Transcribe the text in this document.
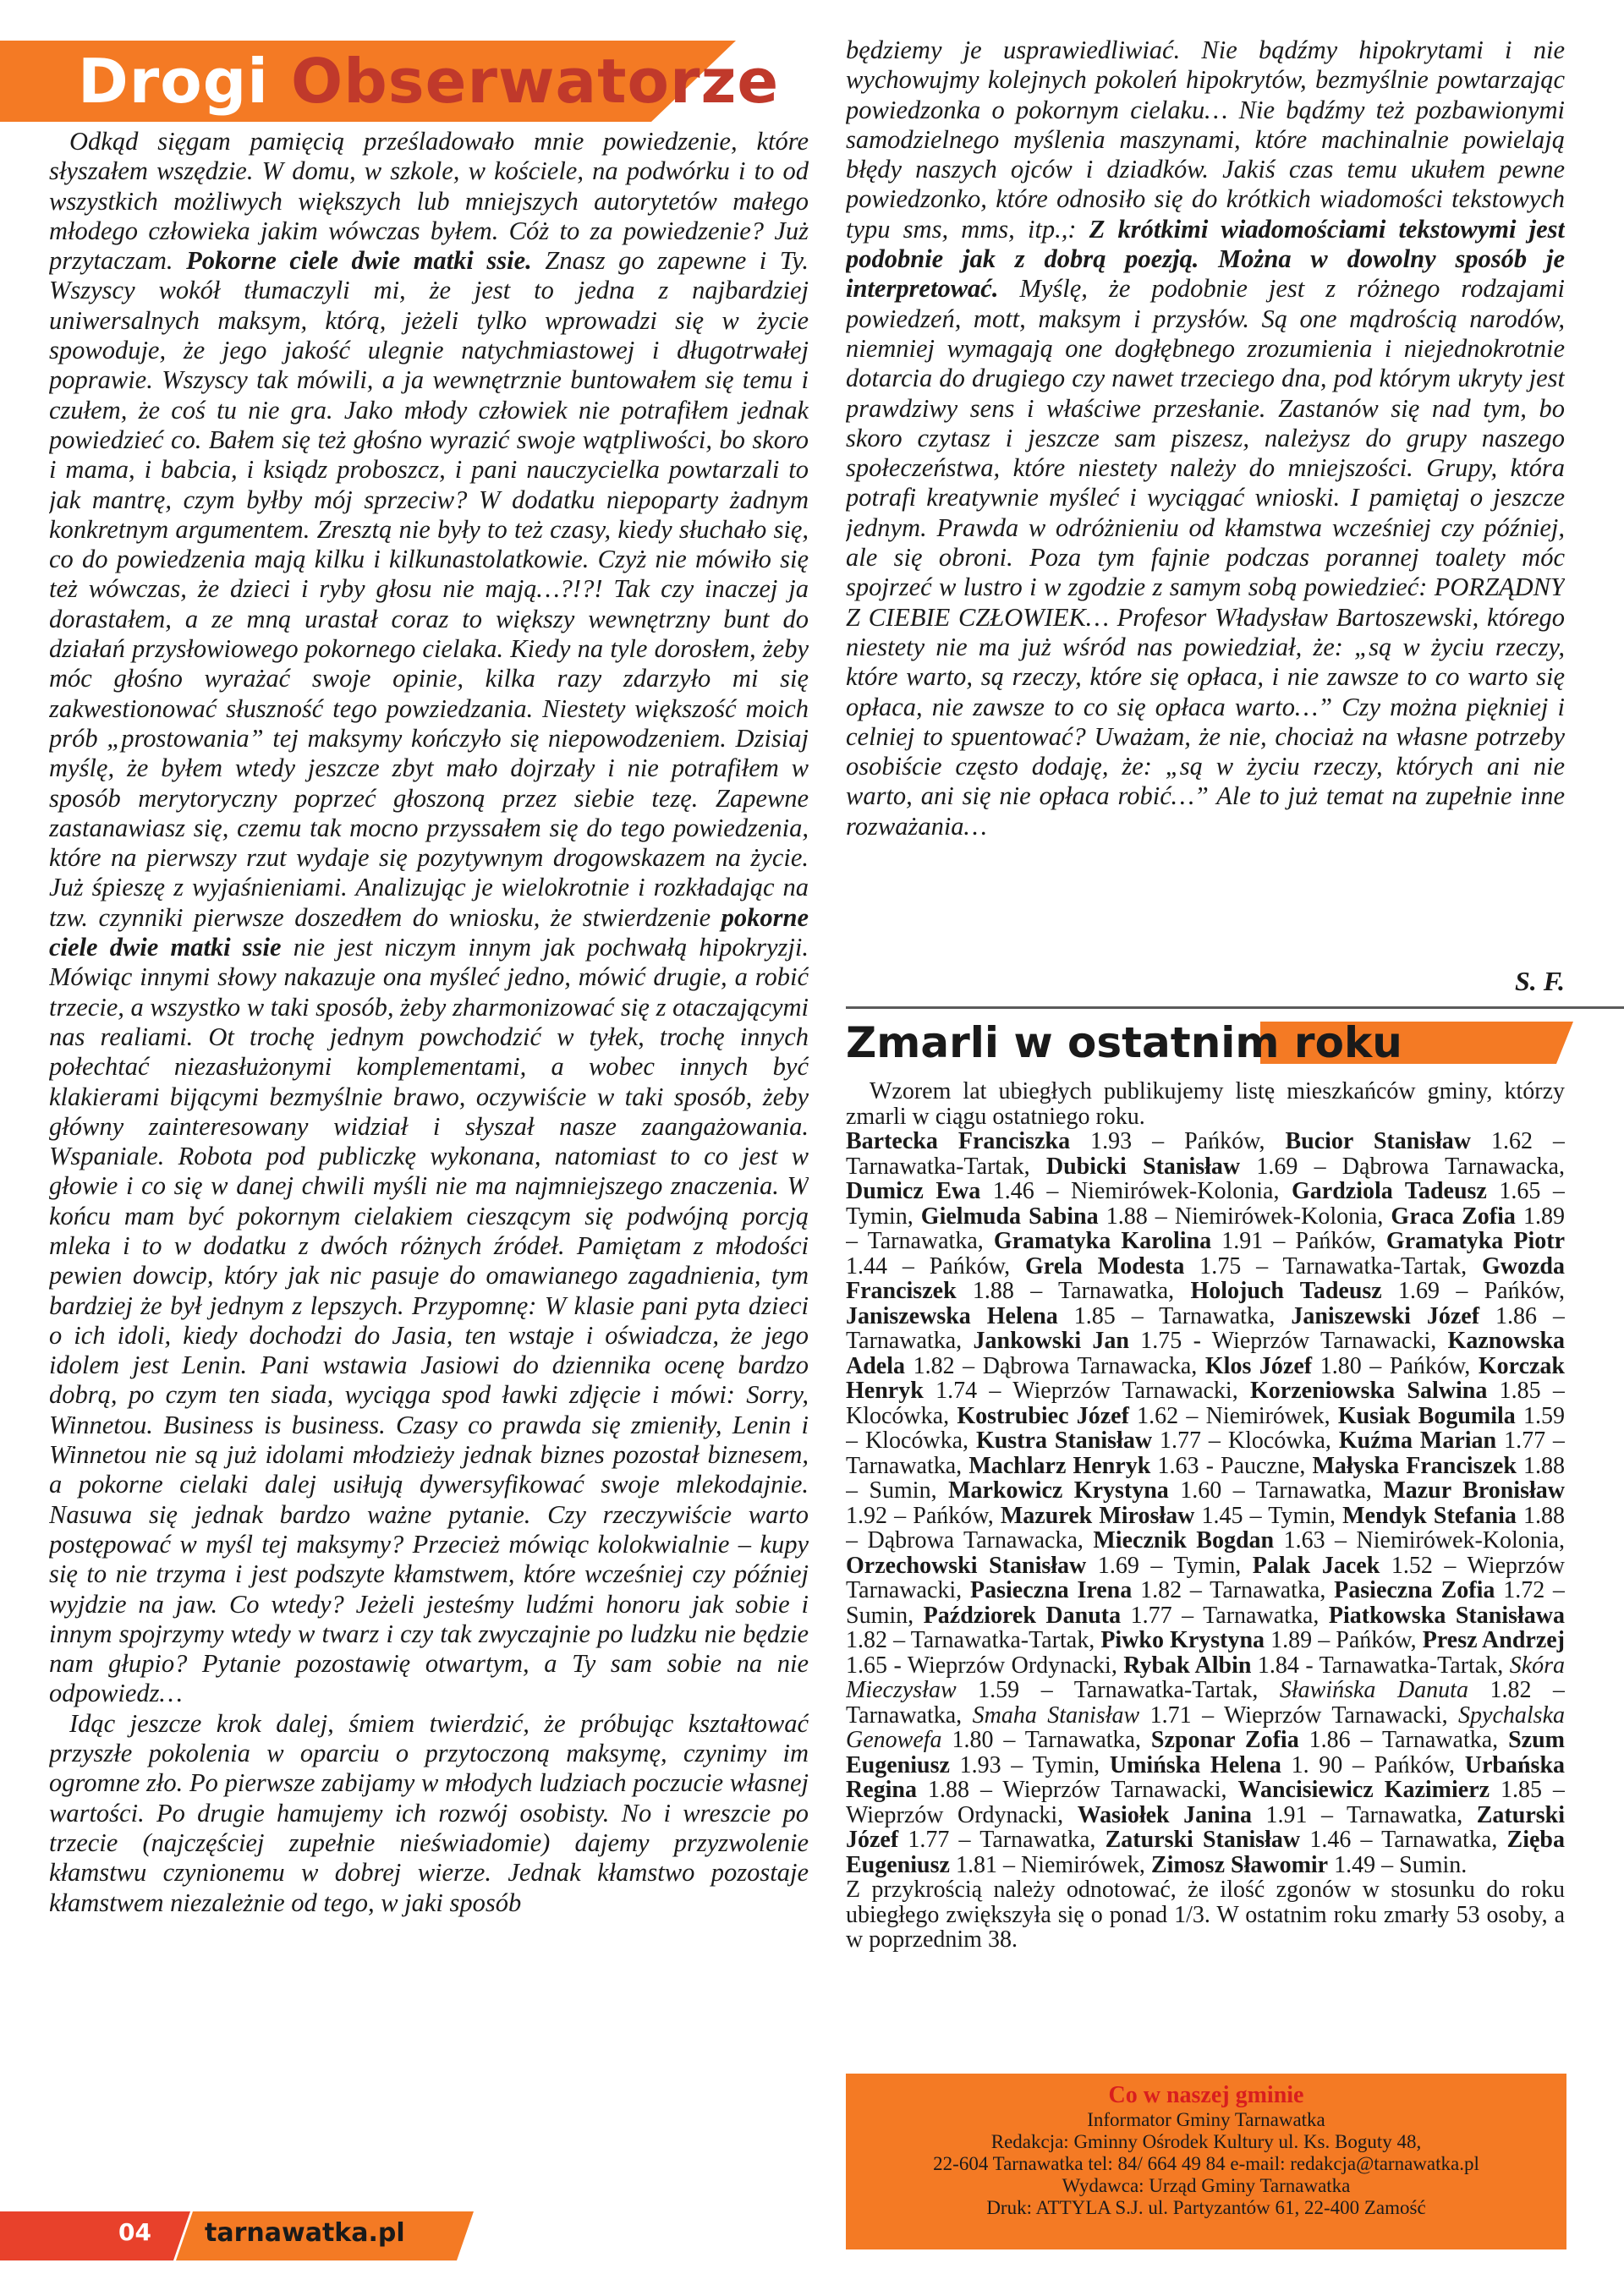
Drogi Obserwatorze

Odkąd sięgam pamięcią prześladowało mnie powiedzenie, które słyszałem wszędzie. W domu, w szkole, w kościele, na podwórku i to od wszystkich możliwych większych lub mniejszych autorytetów małego młodego człowieka jakim wówczas byłem. Cóż to za powiedzenie? Już przytaczam. Pokorne ciele dwie matki ssie. Znasz go zapewne i Ty. Wszyscy wokół tłumaczyli mi, że jest to jedna z najbardziej uniwersalnych maksym, którą, jeżeli tylko wprowadzi się w życie spowoduje, że jego jakość ulegnie natychmiastowej i długotrwałej poprawie. Wszyscy tak mówili, a ja wewnętrznie buntowałem się temu i czułem, że coś tu nie gra. Jako młody człowiek nie potrafiłem jednak powiedzieć co. Bałem się też głośno wyrazić swoje wątpliwości, bo skoro i mama, i babcia, i ksiądz proboszcz, i pani nauczycielka powtarzali to jak mantrę, czym byłby mój sprzeciw? W dodatku niepoparty żadnym konkretnym argumentem. Zresztą nie były to też czasy, kiedy słuchało się, co do powiedzenia mają kilku i kilkunastolatkowie. Czyż nie mówiło się też wówczas, że dzieci i ryby głosu nie mają…?!?! Tak czy inaczej ja dorastałem, a ze mną urastał coraz to większy wewnętrzny bunt do działań przysłowiowego pokornego cielaka. Kiedy na tyle dorosłem, żeby móc głośno wyrażać swoje opinie, kilka razy zdarzyło mi się zakwestionować słuszność tego powziedzania. Niestety większość moich prób „prostowania” tej maksymy kończyło się niepowodzeniem. Dzisiaj myślę, że byłem wtedy jeszcze zbyt mało dojrzały i nie potrafiłem w sposób merytoryczny poprzeć głoszoną przez siebie tezę. Zapewne zastanawiasz się, czemu tak mocno przyssałem się do tego powiedzenia, które na pierwszy rzut wydaje się pozytywnym drogowskazem na życie. Już śpieszę z wyjaśnieniami. Analizując je wielokrotnie i rozkładając na tzw. czynniki pierwsze doszedłem do wniosku, że stwierdzenie pokorne ciele dwie matki ssie nie jest niczym innym jak pochwałą hipokryzji. Mówiąc innymi słowy nakazuje ona myśleć jedno, mówić drugie, a robić trzecie, a wszystko w taki sposób, żeby zharmonizować się z otaczającymi nas realiami. Ot trochę jednym powchodzić w tyłek, trochę innych połechtać niezasłużonymi komplementami, a wobec innych być klakierami bijącymi bezmyślnie brawo, oczywiście w taki sposób, żeby główny zainteresowany widział i słyszał nasze zaangażowania. Wspaniale. Robota pod publiczkę wykonana, natomiast to co jest w głowie i co się w danej chwili myśli nie ma najmniejszego znaczenia. W końcu mam być pokornym cielakiem cieszącym się podwójną porcją mleka i to w dodatku z dwóch różnych źródeł. Pamiętam z młodości pewien dowcip, który jak nic pasuje do omawianego zagadnienia, tym bardziej że był jednym z lepszych. Przypomnę: W klasie pani pyta dzieci o ich idoli, kiedy dochodzi do Jasia, ten wstaje i oświadcza, że jego idolem jest Lenin. Pani wstawia Jasiowi do dziennika ocenę bardzo dobrą, po czym ten siada, wyciąga spod ławki zdjęcie i mówi: Sorry, Winnetou. Business is business. Czasy co prawda się zmieniły, Lenin i Winnetou nie są już idolami młodzieży jednak biznes pozostał biznesem, a pokorne cielaki dalej usiłują dywersyfikować swoje mlekodajnie. Nasuwa się jednak bardzo ważne pytanie. Czy rzeczywiście warto postępować w myśl tej maksymy? Przecież mówiąc kolokwialnie – kupy się to nie trzyma i jest podszyte kłamstwem, które wcześniej czy później wyjdzie na jaw. Co wtedy? Jeżeli jesteśmy ludźmi honoru jak sobie i innym spojrzymy wtedy w twarz i czy tak zwyczajnie po ludzku nie będzie nam głupio? Pytanie pozostawię otwartym, a Ty sam sobie na nie odpowiedz…

Idąc jeszcze krok dalej, śmiem twierdzić, że próbując kształtować przyszłe pokolenia w oparciu o przytoczoną maksymę, czynimy im ogromne zło. Po pierwsze zabijamy w młodych ludziach poczucie własnej wartości. Po drugie hamujemy ich rozwój osobisty. No i wreszcie po trzecie (najczęściej zupełnie nieświadomie) dajemy przyzwolenie kłamstwu czynionemu w dobrej wierze. Jednak kłamstwo pozostaje kłamstwem niezależnie od tego, w jaki sposób

będziemy je usprawiedliwiać. Nie bądźmy hipokrytami i nie wychowujmy kolejnych pokoleń hipokrytów, bezmyślnie powtarzając powiedzonka o pokornym cielaku… Nie bądźmy też pozbawionymi samodzielnego myślenia maszynami, które machinalnie powielają błędy naszych ojców i dziadków. Jakiś czas temu ukułem pewne powiedzonko, które odnosiło się do krótkich wiadomości tekstowych typu sms, mms, itp.,: Z krótkimi wiadomościami tekstowymi jest podobnie jak z dobrą poezją. Można w dowolny sposób je interpretować. Myślę, że podobnie jest z różnego rodzajami powiedzeń, mott, maksym i przysłów. Są one mądrością narodów, niemniej wymagają one dogłębnego zrozumienia i niejednokrotnie dotarcia do drugiego czy nawet trzeciego dna, pod którym ukryty jest prawdziwy sens i właściwe przesłanie. Zastanów się nad tym, bo skoro czytasz i jeszcze sam piszesz, należysz do grupy naszego społeczeństwa, które niestety należy do mniejszości. Grupy, która potrafi kreatywnie myśleć i wyciągać wnioski. I pamiętaj o jeszcze jednym. Prawda w odróżnieniu od kłamstwa wcześniej czy później, ale się obroni. Poza tym fajnie podczas porannej toalety móc spojrzeć w lustro i w zgodzie z samym sobą powiedzieć: PORZĄDNY Z CIEBIE CZŁOWIEK… Profesor Władysław Bartoszewski, którego niestety nie ma już wśród nas powiedział, że: „są w życiu rzeczy, które warto, są rzeczy, które się opłaca, i nie zawsze to co warto się opłaca, nie zawsze to co się opłaca warto…” Czy można piękniej i celniej to spuentować? Uważam, że nie, chociaż na własne potrzeby osobiście często dodaję, że: „są w życiu rzeczy, których ani nie warto, ani się nie opłaca robić…” Ale to już temat na zupełnie inne rozważania…
S. F.
Zmarli w ostatnim roku
Wzorem lat ubiegłych publikujemy listę mieszkańców gminy, którzy zmarli w ciągu ostatniego roku.
Bartecka Franciszka 1.93 – Pańków, Bucior Stanisław 1.62 – Tarnawatka-Tartak, Dubicki Stanisław 1.69 – Dąbrowa Tarnawacka, Dumicz Ewa 1.46 – Niemirówek-Kolonia, Gardziola Tadeusz 1.65 – Tymin, Gielmuda Sabina 1.88 – Niemirówek-Kolonia, Graca Zofia 1.89 – Tarnawatka, Gramatyka Karolina 1.91 – Pańków, Gramatyka Piotr 1.44 – Pańków, Grela Modesta 1.75 – Tarnawatka-Tartak, Gwozda Franciszek 1.88 – Tarnawatka, Holojuch Tadeusz 1.69 – Pańków, Janiszewska Helena 1.85 – Tarnawatka, Janiszewski Józef 1.86 – Tarnawatka, Jankowski Jan 1.75 - Wieprzów Tarnawacki, Kaznowska Adela 1.82 – Dąbrowa Tarnawacka, Klos Józef 1.80 – Pańków, Korczak Henryk 1.74 – Wieprzów Tarnawacki, Korzeniowska Salwina 1.85 – Klocówka, Kostrubiec Józef 1.62 – Niemirówek, Kusiak Bogumila 1.59 – Klocówka, Kustra Stanisław 1.77 – Klocówka, Kuźma Marian 1.77 – Tarnawatka, Machlarz Henryk 1.63 - Pauczne, Małyska Franciszek 1.88 – Sumin, Markowicz Krystyna 1.60 – Tarnawatka, Mazur Bronisław 1.92 – Pańków, Mazurek Mirosław 1.45 – Tymin, Mendyk Stefania 1.88 – Dąbrowa Tarnawacka, Miecznik Bogdan 1.63 – Niemirówek-Kolonia, Orzechowski Stanisław 1.69 – Tymin, Palak Jacek 1.52 – Wieprzów Tarnawacki, Pasieczna Irena 1.82 – Tarnawatka, Pasieczna Zofia 1.72 – Sumin, Paździorek Danuta 1.77 – Tarnawatka, Piatkowska Stanisława 1.82 – Tarnawatka-Tartak, Piwko Krystyna 1.89 – Pańków, Presz Andrzej 1.65 - Wieprzów Ordynacki, Rybak Albin 1.84 - Tarnawatka-Tartak, Skóra Mieczysław 1.59 – Tarnawatka-Tartak, Sławińska Danuta 1.82 – Tarnawatka, Smaha Stanisław 1.71 – Wieprzów Tarnawacki, Spychalska Genowefa 1.80 – Tarnawatka, Szponar Zofia 1.86 – Tarnawatka, Szum Eugeniusz 1.93 – Tymin, Umińska Helena 1. 90 – Pańków, Urbańska Regina 1.88 – Wieprzów Tarnawacki, Wancisiewicz Kazimierz 1.85 – Wieprzów Ordynacki, Wasiołek Janina 1.91 – Tarnawatka, Zaturski Józef 1.77 – Tarnawatka, Zaturski Stanisław 1.46 – Tarnawatka, Zięba Eugeniusz 1.81 – Niemirówek, Zimosz Sławomir 1.49 – Sumin.
Z przykrością należy odnotować, że ilość zgonów w stosunku do roku ubiegłego zwiększyła się o ponad 1/3. W ostatnim roku zmarły 53 osoby, a w poprzednim 38.
Co w naszej gminie
Informator Gminy Tarnawatka
Redakcja: Gminny Ośrodek Kultury ul. Ks. Boguty 48,
22-604 Tarnawatka tel: 84/ 664 49 84 e-mail: redakcja@tarnawatka.pl
Wydawca: Urząd Gminy Tarnawatka
Druk: ATTYLA S.J. ul. Partyzantów 61, 22-400 Zamość
04 tarnawatka.pl
